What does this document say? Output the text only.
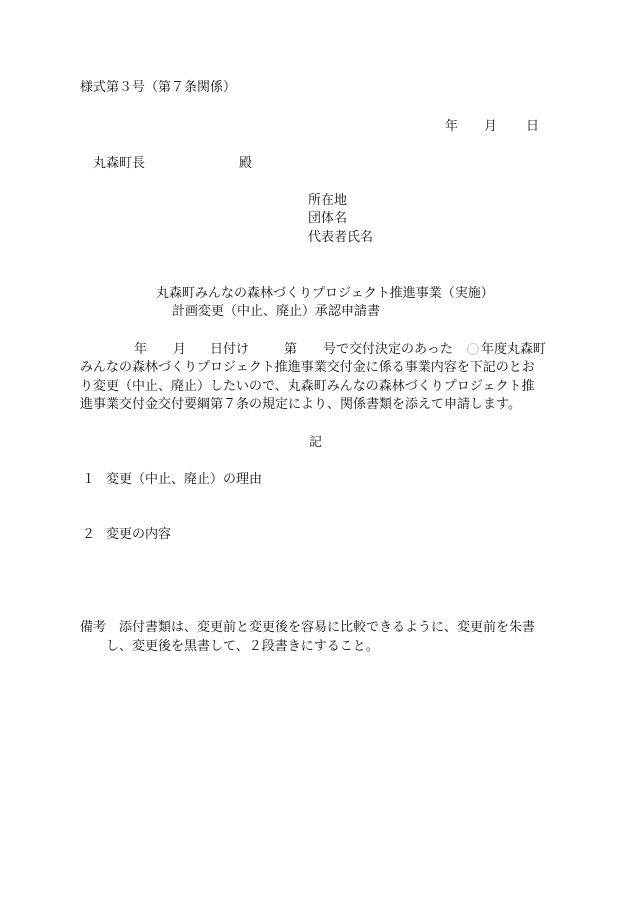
様式第３号（第７条関係）
年 月 日
丸森町長	殿
所在地
団体名
代表者氏名
丸森町みんなの森林づくりプロジェクト推進事業（実施）
計画変更（中止、廃止）承認申請書
年 月 日付け	第 号で交付決定のあった	年度丸森町
みんなの森林づくりプロジェクト推進事業交付金に係る事業内容を下記のとお
り変更（中止、廃止）したいので、丸森町みんなの森林づくりプロジェクト推
進事業交付金交付要綱第７条の規定により、関係書類を添えて申請します。
記
１ 変更（中止、廃止）の理由
２ 変更の内容
備考 添付書類は、変更前と変更後を容易に比較できるように、変更前を朱書
し、変更後を黒書して、２段書きにすること。
